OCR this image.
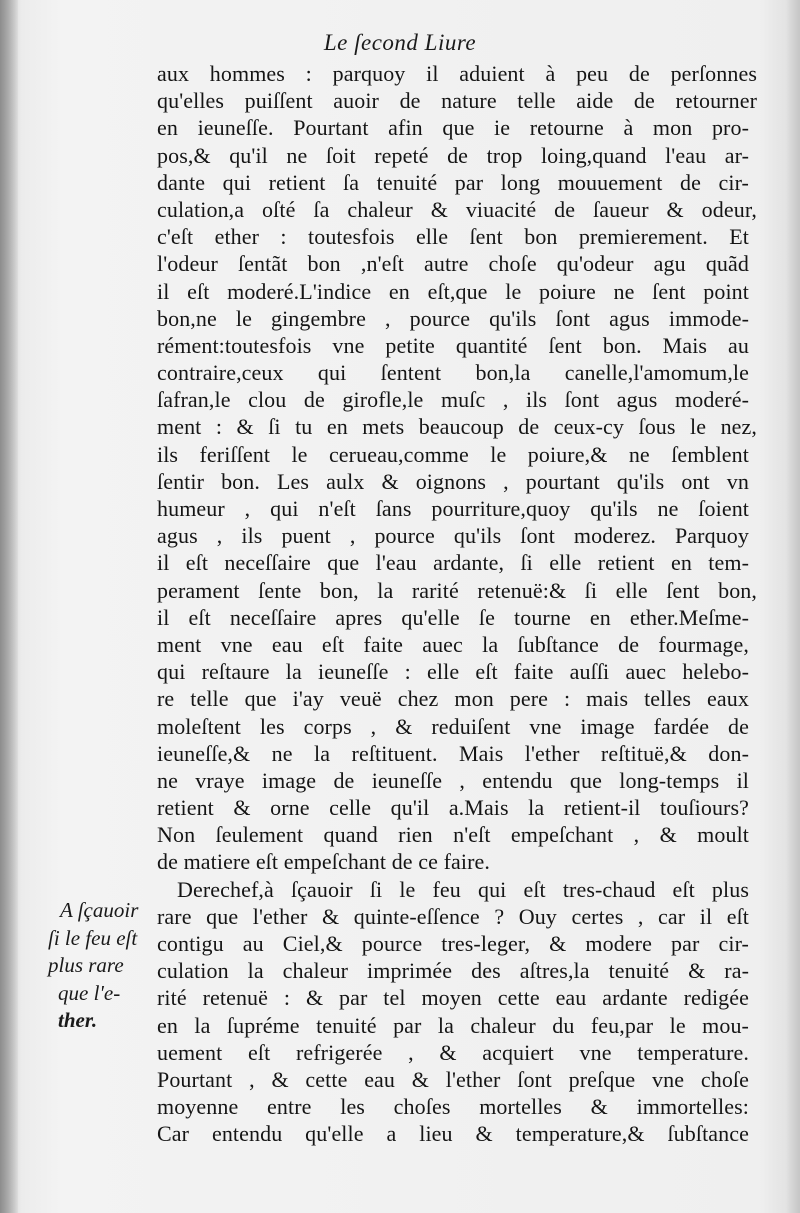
Le ſecond Liure
aux hommes : parquoy il aduient à peu de perſonnes
qu'elles puiſſent auoir de nature telle aide de retourner
en ieuneſſe. Pourtant afin que ie retourne à mon pro-
pos,& qu'il ne ſoit repeté de trop loing,quand l'eau ar-
dante qui retient ſa tenuité par long mouuement de cir-
culation,a oſté ſa chaleur & viuacité de ſaueur & odeur,
c'eſt ether : toutesfois elle ſent bon premierement. Et
l'odeur ſentãt bon ,n'eſt autre choſe qu'odeur agu quãd
il eſt moderé.L'indice en eſt,que le poiure ne ſent point
bon,ne le gingembre , pource qu'ils ſont agus immode-
rément:toutesfois vne petite quantité ſent bon. Mais au
contraire,ceux qui ſentent bon,la canelle,l'amomum,le
ſafran,le clou de girofle,le muſc , ils ſont agus moderé-
ment : & ſi tu en mets beaucoup de ceux-cy ſous le nez,
ils feriſſent le cerueau,comme le poiure,& ne ſemblent
ſentir bon. Les aulx & oignons , pourtant qu'ils ont vn
humeur , qui n'eſt ſans pourriture,quoy qu'ils ne ſoient
agus , ils puent , pource qu'ils ſont moderez. Parquoy
il eſt neceſſaire que l'eau ardante, ſi elle retient en tem-
perament ſente bon, la rarité retenuë:& ſi elle ſent bon,
il eſt neceſſaire apres qu'elle ſe tourne en ether.Meſme-
ment vne eau eſt faite auec la ſubſtance de fourmage,
qui reſtaure la ieuneſſe : elle eſt faite auſſi auec helebo-
re telle que i'ay veuë chez mon pere : mais telles eaux
moleſtent les corps , & reduiſent vne image fardée de
ieuneſſe,& ne la reſtituent. Mais l'ether reſtituë,& don-
ne vraye image de ieuneſſe , entendu que long-temps il
retient & orne celle qu'il a.Mais la retient-il touſiours?
Non ſeulement quand rien n'eſt empeſchant , & moult
de matiere eſt empeſchant de ce faire.
Derechef,à ſçauoir ſi le feu qui eſt tres-chaud eſt plus
rare que l'ether & quinte-eſſence ? Ouy certes , car il eſt
contigu au Ciel,& pource tres-leger, & modere par cir-
culation la chaleur imprimée des aſtres,la tenuité & ra-
rité retenuë : & par tel moyen cette eau ardante redigée
en la ſupréme tenuité par la chaleur du feu,par le mou-
uement eſt refrigerée , & acquiert vne temperature.
Pourtant , & cette eau & l'ether ſont preſque vne choſe
moyenne entre les choſes mortelles & immortelles:
Car entendu qu'elle a lieu & temperature,& ſubſtance
A ſçauoir
ſi le feu eſt
plus rare
que l'e-
ther.
